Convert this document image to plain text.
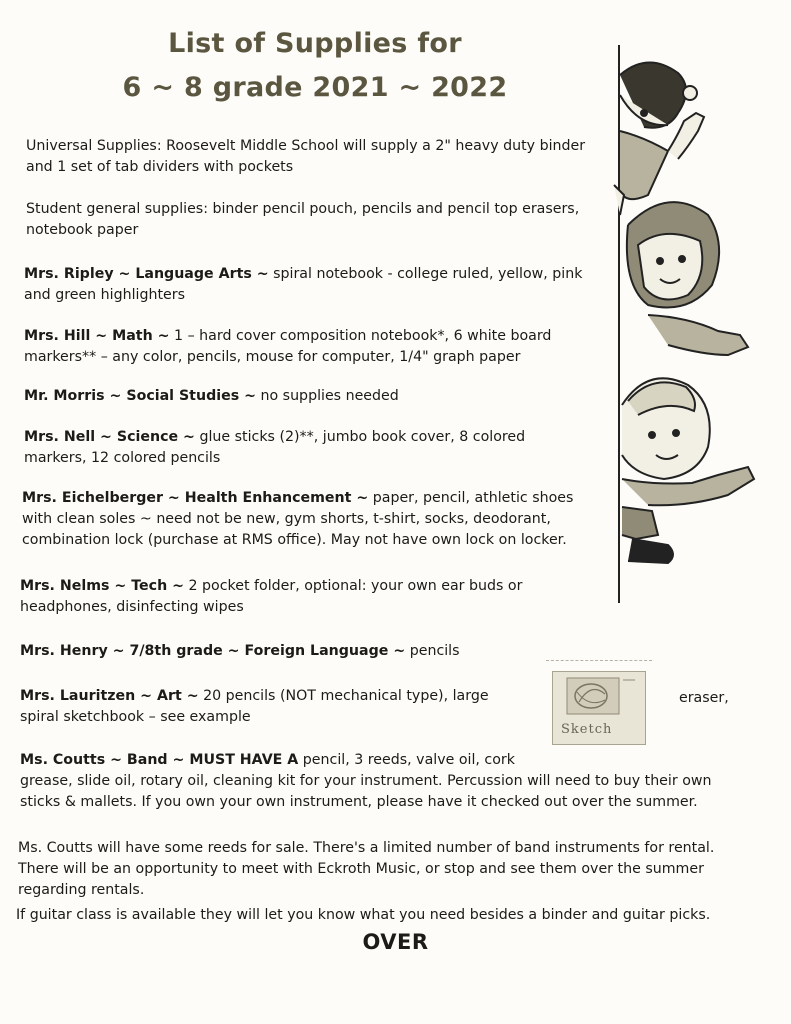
List of Supplies for
6 ~ 8 grade 2021 ~ 2022

Universal Supplies: Roosevelt Middle School will supply a 2" heavy duty binder and 1 set of tab dividers with pockets

Student general supplies: binder pencil pouch, pencils and pencil top erasers, notebook paper

Mrs. Ripley ~ Language Arts ~ spiral notebook - college ruled, yellow, pink and green highlighters

Mrs. Hill ~ Math ~ 1 – hard cover composition notebook*, 6 white board markers** – any color, pencils, mouse for computer, 1/4" graph paper

Mr. Morris ~ Social Studies ~ no supplies needed

Mrs. Nell ~ Science ~ glue sticks (2)**, jumbo book cover, 8 colored markers, 12 colored pencils

Mrs. Eichelberger ~ Health Enhancement ~ paper, pencil, athletic shoes with clean soles ~ need not be new, gym shorts, t-shirt, socks, deodorant, combination lock (purchase at RMS office). May not have own lock on locker.

Mrs. Nelms ~ Tech ~ 2 pocket folder, optional: your own ear buds or headphones, disinfecting wipes

Mrs. Henry ~ 7/8th grade ~ Foreign Language ~ pencils

Mrs. Lauritzen ~ Art ~ 20 pencils (NOT mechanical type), large
spiral sketchbook – see example

eraser,

Sketch

Ms. Coutts ~ Band ~ MUST HAVE A pencil, 3 reeds, valve oil, cork
grease, slide oil, rotary oil, cleaning kit for your instrument. Percussion will need to buy their own sticks & mallets. If you own your own instrument, please have it checked out over the summer.

Ms. Coutts will have some reeds for sale. There's a limited number of band instruments for rental. There will be an opportunity to meet with Eckroth Music, or stop and see them over the summer regarding rentals.

If guitar class is available they will let you know what you need besides a binder and guitar picks.

OVER
